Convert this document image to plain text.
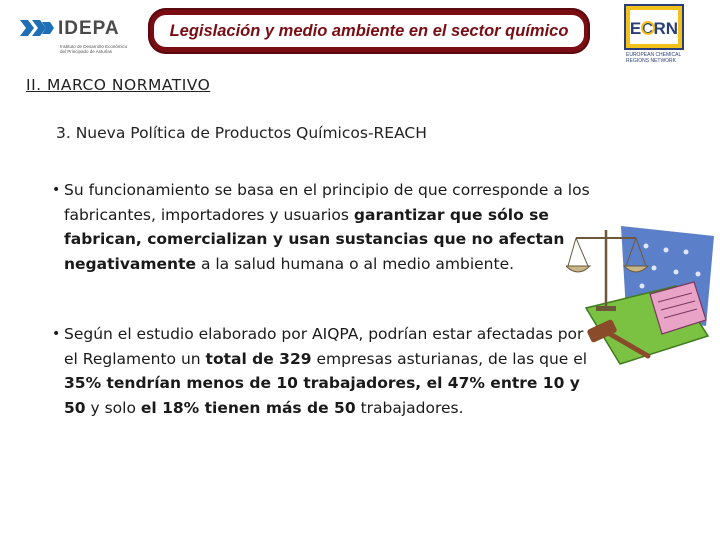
IDEPA
Instituto de Desarrollo Económico
del Principado de Asturias
Legislación y medio ambiente en el sector químico	ECRN
EUROPEAN CHEMICAL
REGIONS NETWORK
II. MARCO NORMATIVO
3. Nueva Política de Productos Químicos-REACH
• Su funcionamiento se basa en el principio de que corresponde a los fabricantes, importadores y usuarios garantizar que sólo se fabrican, comercializan y usan sustancias que no afectan negativamente a la salud humana o al medio ambiente.
• Según el estudio elaborado por AIQPA, podrían estar afectadas por el Reglamento un total de 329 empresas asturianas, de las que el 35% tendrían menos de 10 trabajadores, el 47% entre 10 y 50 y solo el 18% tienen más de 50 trabajadores.
